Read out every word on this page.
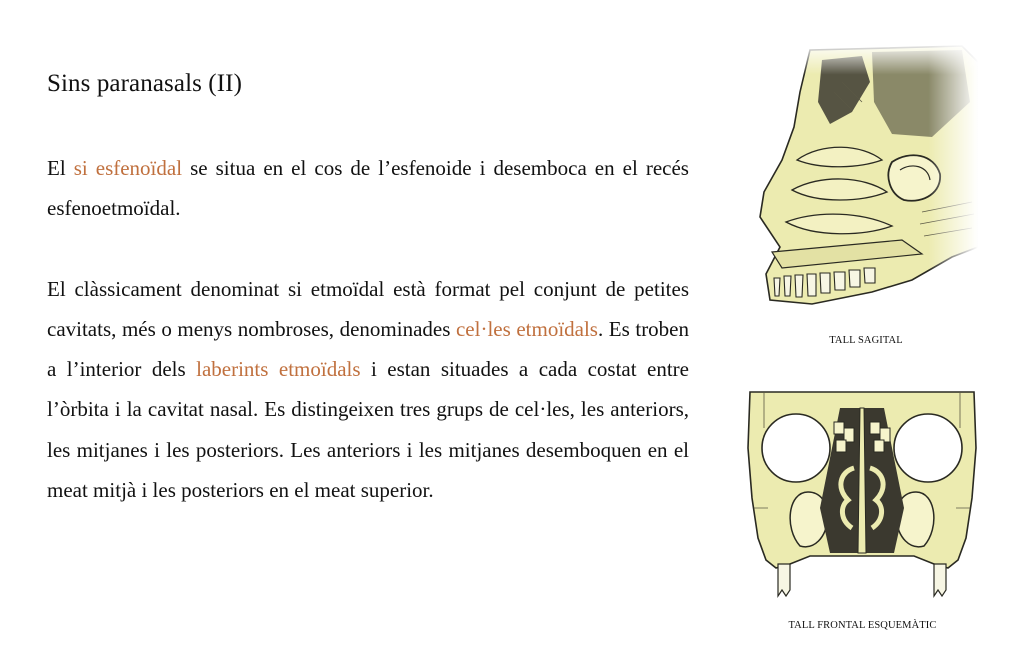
Sins paranasals (II)

El si esfenoïdal se situa en el cos de l’esfenoide i desemboca en el recés esfenoetmoïdal.

El clàssicament denominat si etmoïdal està format pel conjunt de petites cavitats, més o menys nombroses, denominades cel·les etmoïdals. Es troben a l’interior dels laberints etmoïdals i estan situades a cada costat entre l’òrbita i la cavitat nasal. Es distingeixen tres grups de cel·les, les anteriors, les mitjanes i les posteriors. Les anteriors i les mitjanes desemboquen en el meat mitjà i les posteriors en el meat superior.

TALL SAGITAL
TALL FRONTAL ESQUEMÀTIC
